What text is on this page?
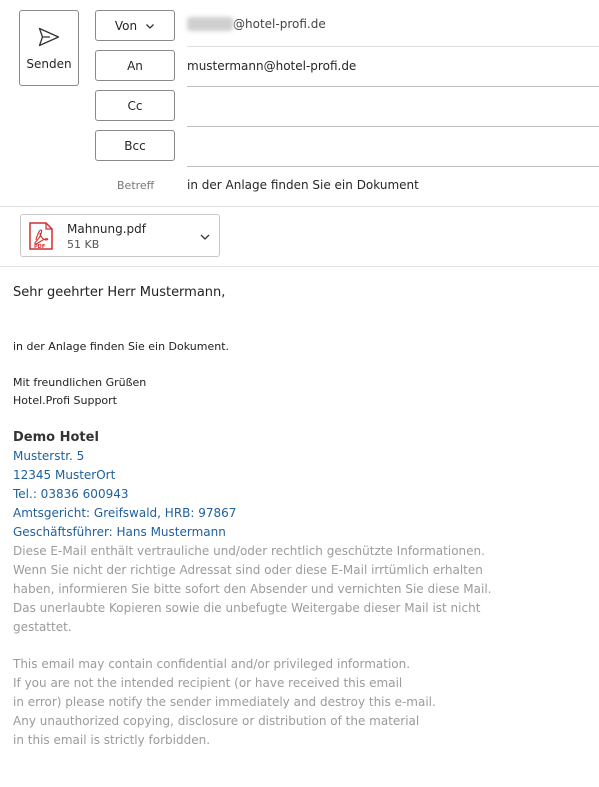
Senden
Von	@hotel-profi.de
An	mustermann@hotel-profi.de
Cc
Bcc
Betreff	in der Anlage finden Sie ein Dokument
PDF
Mahnung.pdf
51 KB
Sehr geehrter Herr Mustermann,
in der Anlage finden Sie ein Dokument.
Mit freundlichen Grüßen
Hotel.Profi Support
Demo Hotel
Musterstr. 5
12345 MusterOrt
Tel.: 03836 600943
Amtsgericht: Greifswald, HRB: 97867
Geschäftsführer: Hans Mustermann
Diese E-Mail enthält vertrauliche und/oder rechtlich geschützte Informationen.
Wenn Sie nicht der richtige Adressat sind oder diese E-Mail irrtümlich erhalten
haben, informieren Sie bitte sofort den Absender und vernichten Sie diese Mail.
Das unerlaubte Kopieren sowie die unbefugte Weitergabe dieser Mail ist nicht
gestattet.
This email may contain confidential and/or privileged information.
If you are not the intended recipient (or have received this email
in error) please notify the sender immediately and destroy this e-mail.
Any unauthorized copying, disclosure or distribution of the material
in this email is strictly forbidden.
